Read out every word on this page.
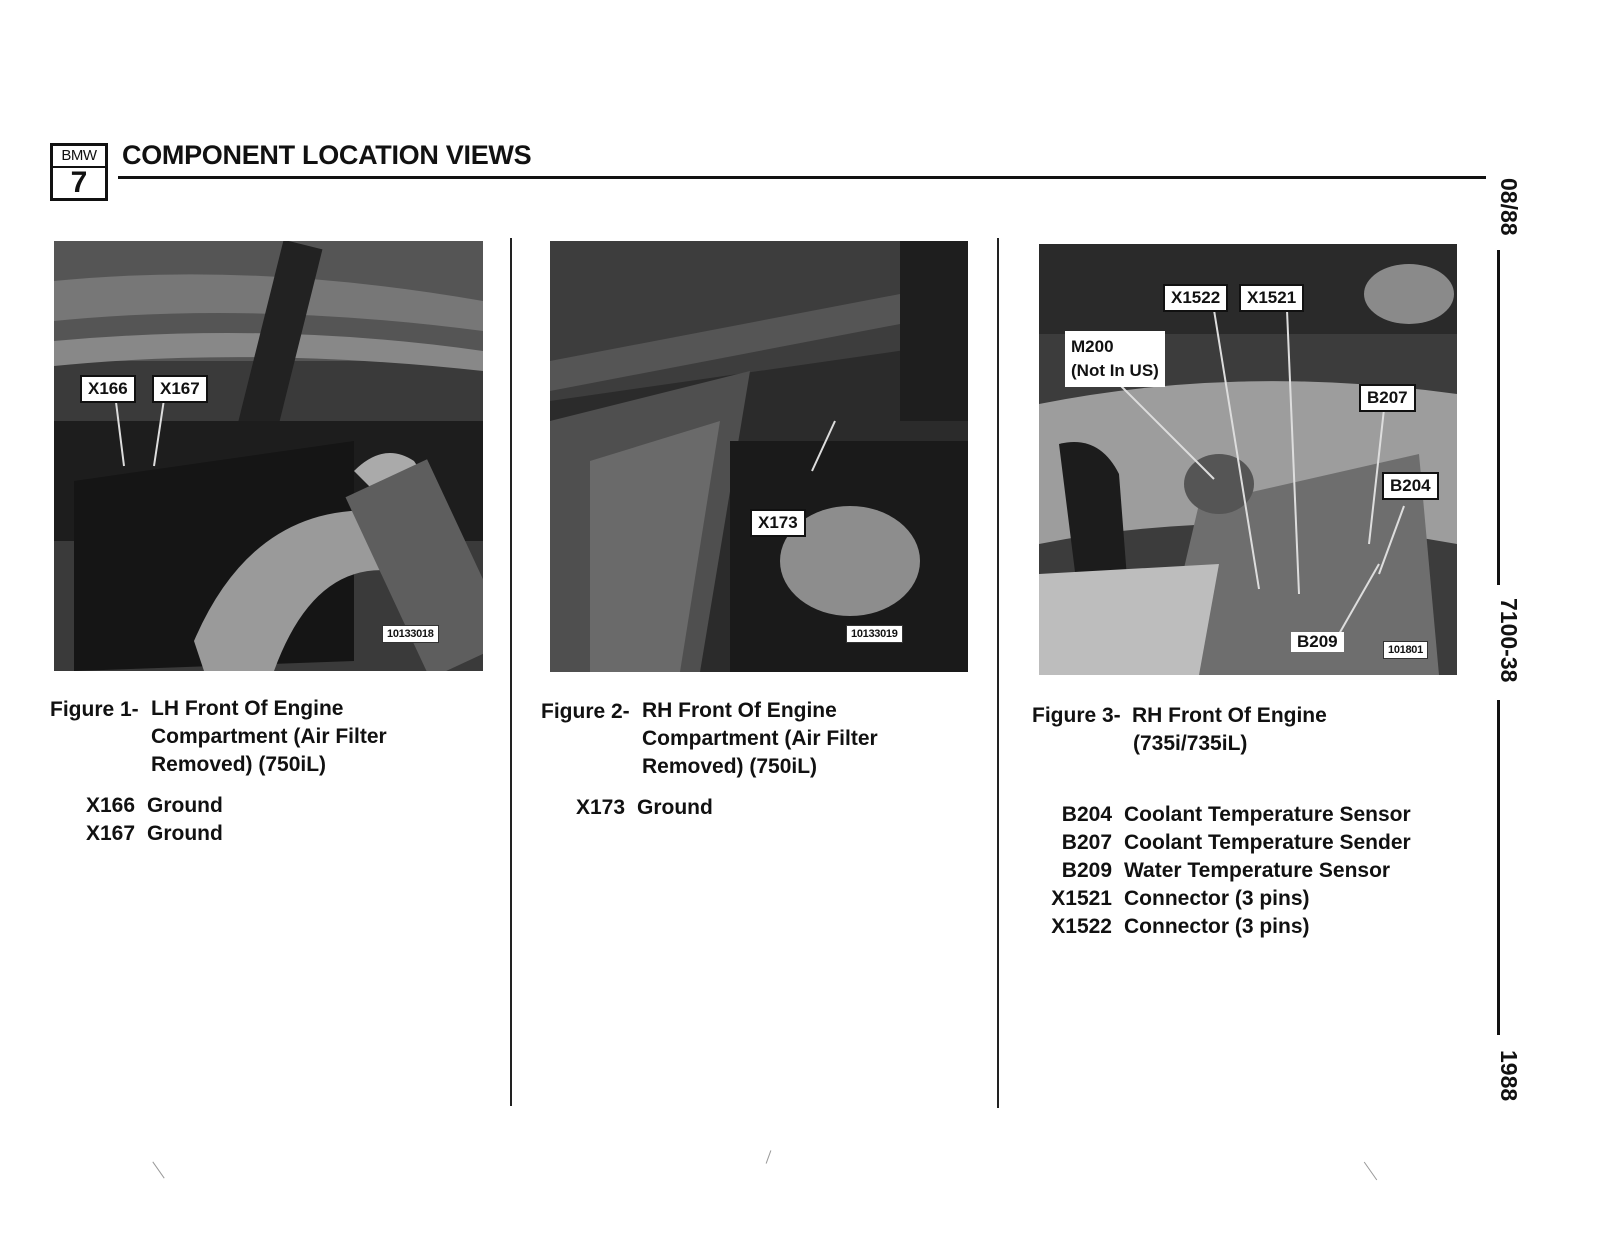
BMW
7
COMPONENT LOCATION VIEWS
08/88
7100-38
1988
X166	X167
10133018
X173
10133019
X1522	X1521
M200
(Not In US)
B207
B204
B209	101801
Figure 1- LH Front Of Engine
Compartment (Air Filter
Removed) (750iL)
X166 Ground
X167 Ground
Figure 2- RH Front Of Engine
Compartment (Air Filter
Removed) (750iL)
X173 Ground
Figure 3- RH Front Of Engine
(735i/735iL)
B204 Coolant Temperature Sensor
B207 Coolant Temperature Sender
B209 Water Temperature Sensor
X1521 Connector (3 pins)
X1522 Connector (3 pins)
